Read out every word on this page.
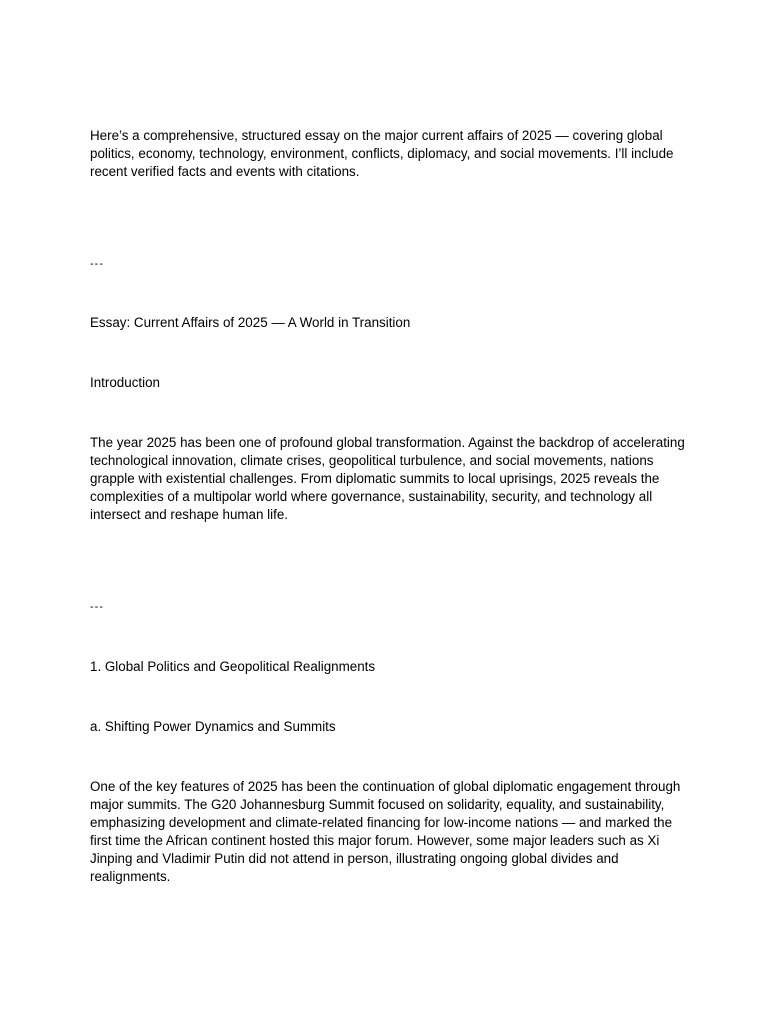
Here’s a comprehensive, structured essay on the major current affairs of 2025 — covering global politics, economy, technology, environment, conflicts, diplomacy, and social movements. I’ll include recent verified facts and events with citations.

---

Essay: Current Affairs of 2025 — A World in Transition

Introduction

The year 2025 has been one of profound global transformation. Against the backdrop of accelerating technological innovation, climate crises, geopolitical turbulence, and social movements, nations grapple with existential challenges. From diplomatic summits to local uprisings, 2025 reveals the complexities of a multipolar world where governance, sustainability, security, and technology all intersect and reshape human life.

---

1. Global Politics and Geopolitical Realignments

a. Shifting Power Dynamics and Summits

One of the key features of 2025 has been the continuation of global diplomatic engagement through major summits. The G20 Johannesburg Summit focused on solidarity, equality, and sustainability, emphasizing development and climate-related financing for low-income nations — and marked the first time the African continent hosted this major forum. However, some major leaders such as Xi Jinping and Vladimir Putin did not attend in person, illustrating ongoing global divides and realignments.
